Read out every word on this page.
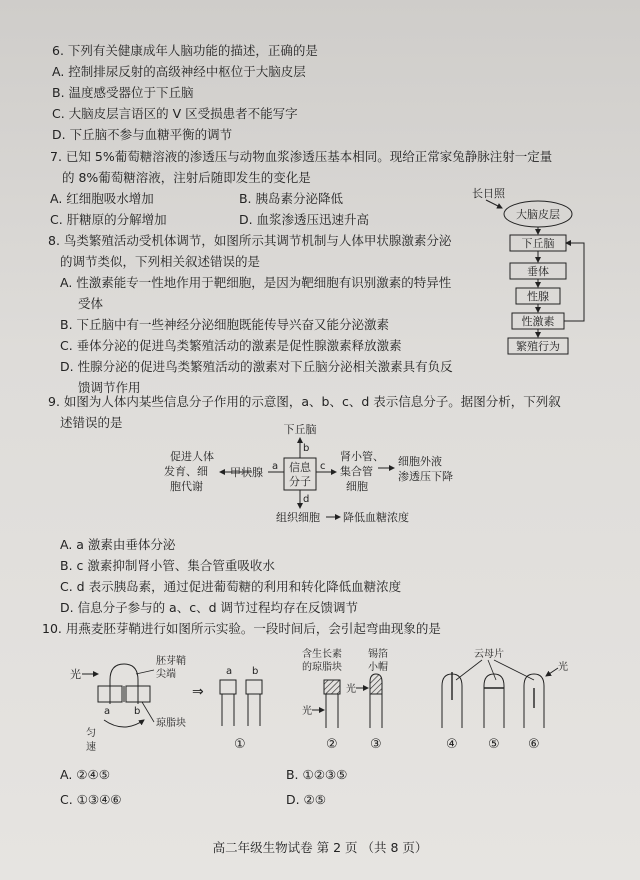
6. 下列有关健康成年人脑功能的描述，正确的是
A. 控制排尿反射的高级神经中枢位于大脑皮层
B. 温度感受器位于下丘脑
C. 大脑皮层言语区的 V 区受损患者不能写字
D. 下丘脑不参与血糖平衡的调节
7. 已知 5%葡萄糖溶液的渗透压与动物血浆渗透压基本相同。现给正常家兔静脉注射一定量
的 8%葡萄糖溶液，注射后随即发生的变化是
A. 红细胞吸水增加	B. 胰岛素分泌降低
C. 肝糖原的分解增加	D. 血浆渗透压迅速升高
8. 鸟类繁殖活动受机体调节，如图所示其调节机制与人体甲状腺激素分泌
的调节类似，下列相关叙述错误的是
A. 性激素能专一性地作用于靶细胞，是因为靶细胞有识别激素的特异性
受体
B. 下丘脑中有一些神经分泌细胞既能传导兴奋又能分泌激素
C. 垂体分泌的促进鸟类繁殖活动的激素是促性腺激素释放激素
D. 性腺分泌的促进鸟类繁殖活动的激素对下丘脑分泌相关激素具有负反
馈调节作用
长日照
大脑皮层
下丘脑
垂体
性腺
性激素
繁殖行为
9. 如图为人体内某些信息分子作用的示意图，a、b、c、d 表示信息分子。据图分析，下列叙
述错误的是	下丘脑
b
信息
分子
促进人体
发育、细
胞代谢
甲状腺 a	c
肾小管、
集合管
细胞
细胞外液
渗透压下降
d
组织细胞 降低血糖浓度
A. a 激素由垂体分泌
B. c 激素抑制肾小管、集合管重吸收水
C. d 表示胰岛素，通过促进葡萄糖的利用和转化降低血糖浓度
D. 信息分子参与的 a、c、d 调节过程均存在反馈调节
10. 用燕麦胚芽鞘进行如图所示实验。一段时间后，会引起弯曲现象的是
光
a b
匀
速
胚芽鞘
尖端
琼脂块
⇒
a b
①
含生长素
的琼脂块
光
②
锡箔
小帽
光
③
云母片
④ ⑤
光
⑥
A. ②④⑤	B. ①②③⑤
C. ①③④⑥	D. ②⑤
高二年级生物试卷 第 2 页 （共 8 页）
